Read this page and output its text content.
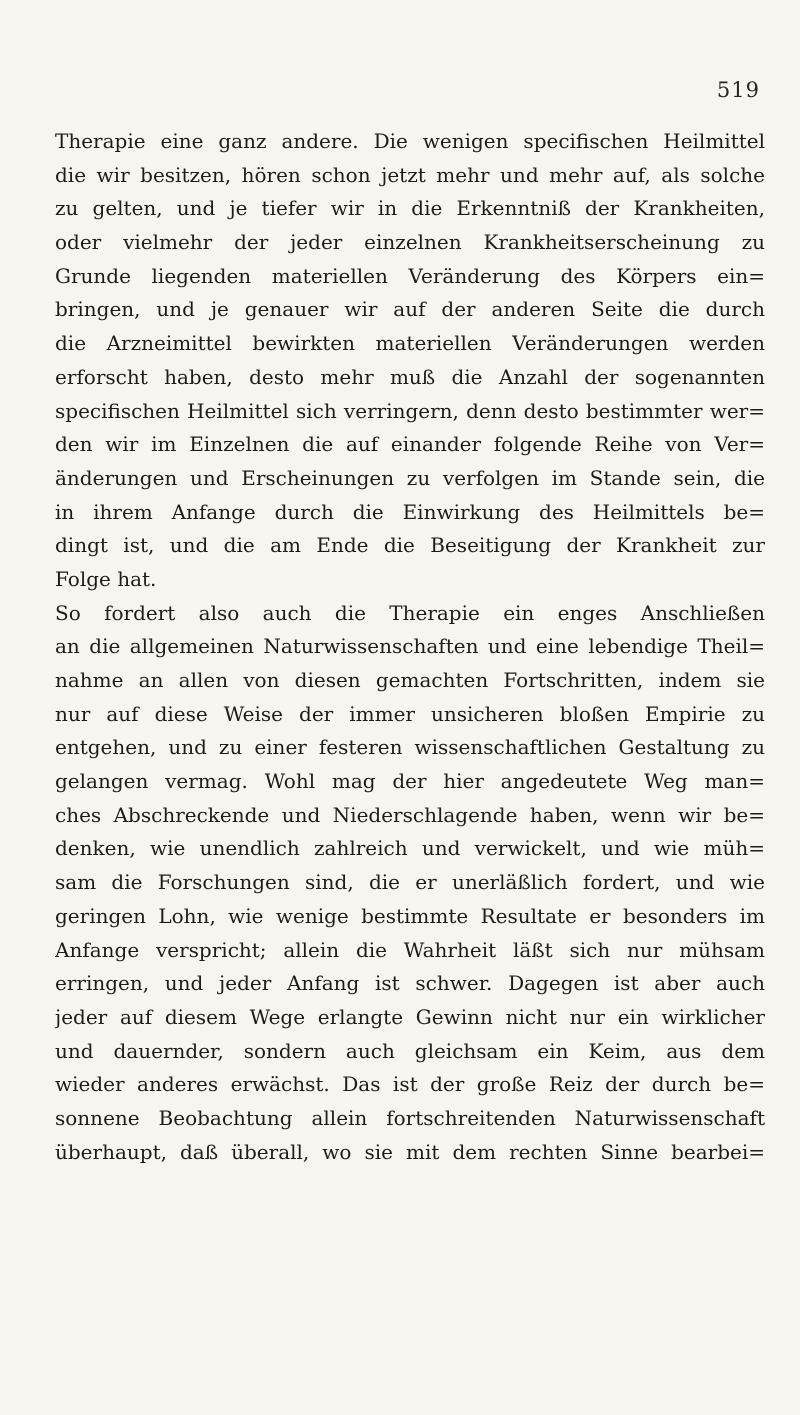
519
Therapie eine ganz andere. Die wenigen specifischen Heilmittel
die wir besitzen, hören schon jetzt mehr und mehr auf, als solche
zu gelten, und je tiefer wir in die Erkenntniß der Krankheiten,
oder vielmehr der jeder einzelnen Krankheitserscheinung zu
Grunde liegenden materiellen Veränderung des Körpers ein=
bringen, und je genauer wir auf der anderen Seite die durch
die Arzneimittel bewirkten materiellen Veränderungen werden
erforscht haben, desto mehr muß die Anzahl der sogenannten
specifischen Heilmittel sich verringern, denn desto bestimmter wer=
den wir im Einzelnen die auf einander folgende Reihe von Ver=
änderungen und Erscheinungen zu verfolgen im Stande sein, die
in ihrem Anfange durch die Einwirkung des Heilmittels be=
dingt ist, und die am Ende die Beseitigung der Krankheit zur
Folge hat.
So fordert also auch die Therapie ein enges Anschließen
an die allgemeinen Naturwissenschaften und eine lebendige Theil=
nahme an allen von diesen gemachten Fortschritten, indem sie
nur auf diese Weise der immer unsicheren bloßen Empirie zu
entgehen, und zu einer festeren wissenschaftlichen Gestaltung zu
gelangen vermag. Wohl mag der hier angedeutete Weg man=
ches Abschreckende und Niederschlagende haben, wenn wir be=
denken, wie unendlich zahlreich und verwickelt, und wie müh=
sam die Forschungen sind, die er unerläßlich fordert, und wie
geringen Lohn, wie wenige bestimmte Resultate er besonders im
Anfange verspricht; allein die Wahrheit läßt sich nur mühsam
erringen, und jeder Anfang ist schwer. Dagegen ist aber auch
jeder auf diesem Wege erlangte Gewinn nicht nur ein wirklicher
und dauernder, sondern auch gleichsam ein Keim, aus dem
wieder anderes erwächst. Das ist der große Reiz der durch be=
sonnene Beobachtung allein fortschreitenden Naturwissenschaft
überhaupt, daß überall, wo sie mit dem rechten Sinne bearbei=
